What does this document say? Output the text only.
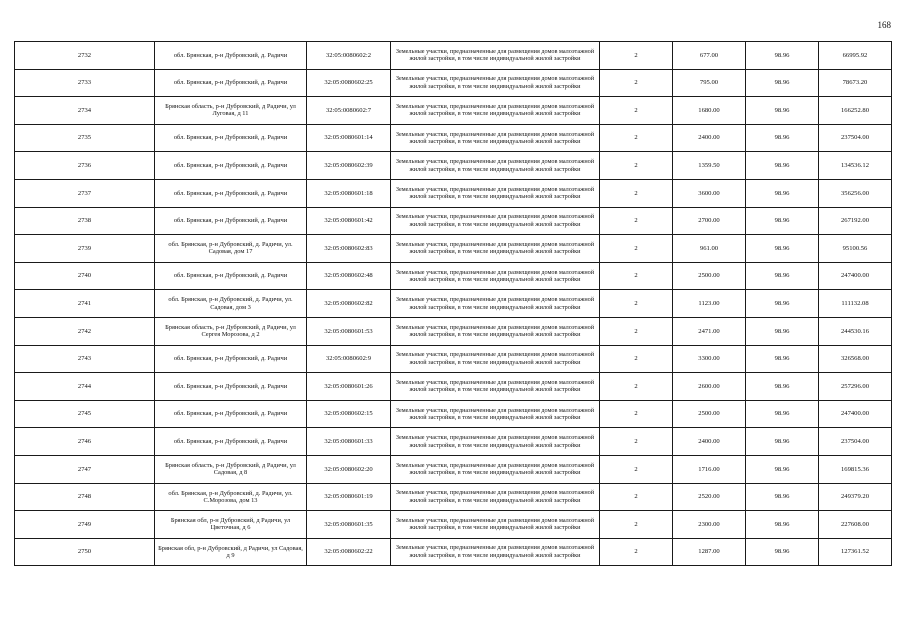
168
2732	обл. Брянская, р-н Дубровский, д. Радичи	32:05:0080602:2	Земельные участки, предназначенные для размещения домов малоэтажной жилой застройки, в том числе индивидуальной жилой застройки	2	677.00	98.96	66995.92
2733	обл. Брянская, р-н Дубровский, д. Радичи	32:05:0080602:25	Земельные участки, предназначенные для размещения домов малоэтажной жилой застройки, в том числе индивидуальной жилой застройки	2	795.00	98.96	78673.20
2734	Брянская область, р-н Дубровский, д Радичи, ул Луговая, д 11	32:05:0080602:7	Земельные участки, предназначенные для размещения домов малоэтажной жилой застройки, в том числе индивидуальной жилой застройки	2	1680.00	98.96	166252.80
2735	обл. Брянская, р-н Дубровский, д. Радичи	32:05:0080601:14	Земельные участки, предназначенные для размещения домов малоэтажной жилой застройки, в том числе индивидуальной жилой застройки	2	2400.00	98.96	237504.00
2736	обл. Брянская, р-н Дубровский, д. Радичи	32:05:0080602:39	Земельные участки, предназначенные для размещения домов малоэтажной жилой застройки, в том числе индивидуальной жилой застройки	2	1359.50	98.96	134536.12
2737	обл. Брянская, р-н Дубровский, д. Радичи	32:05:0080601:18	Земельные участки, предназначенные для размещения домов малоэтажной жилой застройки, в том числе индивидуальной жилой застройки	2	3600.00	98.96	356256.00
2738	обл. Брянская, р-н Дубровский, д. Радичи	32:05:0080601:42	Земельные участки, предназначенные для размещения домов малоэтажной жилой застройки, в том числе индивидуальной жилой застройки	2	2700.00	98.96	267192.00
2739	обл. Брянская, р-н Дубровский, д. Радичи, ул. Садовая, дом 17	32:05:0080602:83	Земельные участки, предназначенные для размещения домов малоэтажной жилой застройки, в том числе индивидуальной жилой застройки	2	961.00	98.96	95100.56
2740	обл. Брянская, р-н Дубровский, д. Радичи	32:05:0080602:48	Земельные участки, предназначенные для размещения домов малоэтажной жилой застройки, в том числе индивидуальной жилой застройки	2	2500.00	98.96	247400.00
2741	обл. Брянская, р-н Дубровский, д. Радичи, ул. Садовая, дом 3	32:05:0080602:82	Земельные участки, предназначенные для размещения домов малоэтажной жилой застройки, в том числе индивидуальной жилой застройки	2	1123.00	98.96	111132.08
2742	Брянская область, р-н Дубровский, д Радичи, ул Сергея Морозова, д 2	32:05:0080601:53	Земельные участки, предназначенные для размещения домов малоэтажной жилой застройки, в том числе индивидуальной жилой застройки	2	2471.00	98.96	244530.16
2743	обл. Брянская, р-н Дубровский, д. Радичи	32:05:0080602:9	Земельные участки, предназначенные для размещения домов малоэтажной жилой застройки, в том числе индивидуальной жилой застройки	2	3300.00	98.96	326568.00
2744	обл. Брянская, р-н Дубровский, д. Радичи	32:05:0080601:26	Земельные участки, предназначенные для размещения домов малоэтажной жилой застройки, в том числе индивидуальной жилой застройки	2	2600.00	98.96	257296.00
2745	обл. Брянская, р-н Дубровский, д. Радичи	32:05:0080602:15	Земельные участки, предназначенные для размещения домов малоэтажной жилой застройки, в том числе индивидуальной жилой застройки	2	2500.00	98.96	247400.00
2746	обл. Брянская, р-н Дубровский, д. Радичи	32:05:0080601:33	Земельные участки, предназначенные для размещения домов малоэтажной жилой застройки, в том числе индивидуальной жилой застройки	2	2400.00	98.96	237504.00
2747	Брянская область, р-н Дубровский, д Радичи, ул Садовая, д 8	32:05:0080602:20	Земельные участки, предназначенные для размещения домов малоэтажной жилой застройки, в том числе индивидуальной жилой застройки	2	1716.00	98.96	169815.36
2748	обл. Брянская, р-н Дубровский, д. Радичи, ул. С.Морозова, дом 13	32:05:0080601:19	Земельные участки, предназначенные для размещения домов малоэтажной жилой застройки, в том числе индивидуальной жилой застройки	2	2520.00	98.96	249379.20
2749	Брянская обл, р-н Дубровский, д Радичи, ул Цветочная, д 6	32:05:0080601:35	Земельные участки, предназначенные для размещения домов малоэтажной жилой застройки, в том числе индивидуальной жилой застройки	2	2300.00	98.96	227608.00
2750	Брянская обл, р-н Дубровский, д Радичи, ул Садовая, д 9	32:05:0080602:22	Земельные участки, предназначенные для размещения домов малоэтажной жилой застройки, в том числе индивидуальной жилой застройки	2	1287.00	98.96	127361.52
